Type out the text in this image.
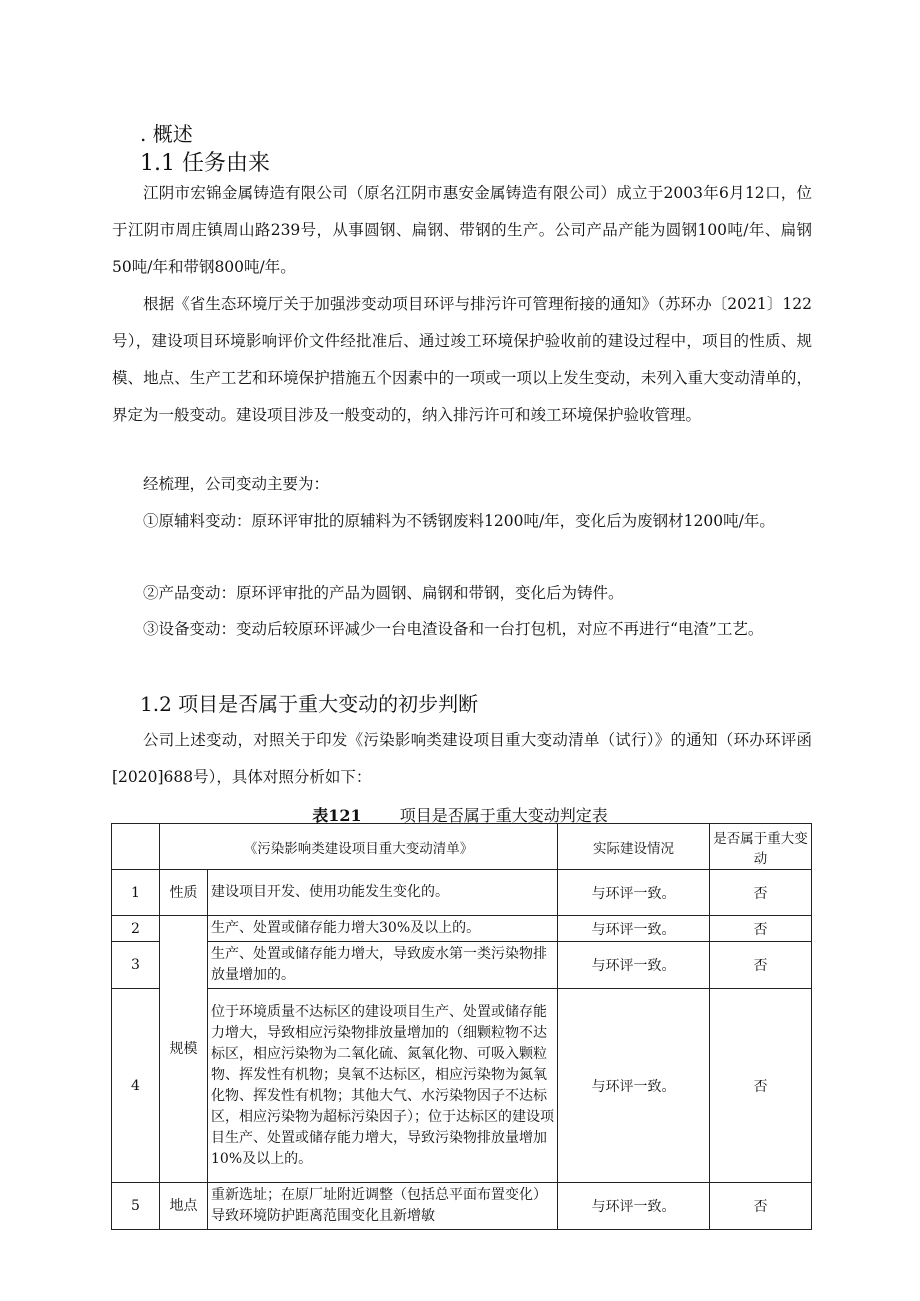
. 概述
1.1 任务由来
江阴市宏锦金属铸造有限公司（原名江阴市惠安金属铸造有限公司）成立于2003年6月12口，位于江阴市周庄镇周山路239号，从事圆钢、扁钢、带钢的生产。公司产品产能为圆钢100吨/年、扁钢50吨/年和带钢800吨/年。
根据《省生态环境厅关于加强涉变动项目环评与排污许可管理衔接的通知》（苏环办〔2021〕122号），建设项目环境影响评价文件经批准后、通过竣工环境保护验收前的建设过程中，项目的性质、规模、地点、生产工艺和环境保护措施五个因素中的一项或一项以上发生变动，未列入重大变动清单的，界定为一般变动。建设项目涉及一般变动的，纳入排污许可和竣工环境保护验收管理。
经梳理，公司变动主要为：
①原辅料变动：原环评审批的原辅料为不锈钢废料1200吨/年，变化后为废钢材1200吨/年。
②产品变动：原环评审批的产品为圆钢、扁钢和带钢，变化后为铸件。
③设备变动：变动后较原环评减少一台电渣设备和一台打包机，对应不再进行“电渣”工艺。
1.2 项目是否属于重大变动的初步判断
公司上述变动，对照关于印发《污染影响类建设项目重大变动清单（试行）》的通知（环办环评函[2020]688号），具体对照分析如下：
表121 项目是否属于重大变动判定表
	《污染影响类建设项目重大变动清单》		实际建设情况	是否属于重大变动
1	性质	建设项目开发、使用功能发生变化的。	与环评一致。	否
2	规模	生产、处置或储存能力增大30%及以上的。	与环评一致。	否
3		生产、处置或储存能力增大，导致废水第一类污染物排放量增加的。	与环评一致。	否
4		位于环境质量不达标区的建设项目生产、处置或储存能力增大，导致相应污染物排放量增加的（细颗粒物不达标区，相应污染物为二氧化硫、氮氧化物、可吸入颗粒物、挥发性有机物；臭氧不达标区，相应污染物为氮氧化物、挥发性有机物；其他大气、水污染物因子不达标区，相应污染物为超标污染因子）；位于达标区的建设项目生产、处置或储存能力增大，导致污染物排放量增加10%及以上的。	与环评一致。	否
5	地点	重新选址；在原厂址附近调整（包括总平面布置变化）导致环境防护距离范围变化且新增敏	与环评一致。	否
